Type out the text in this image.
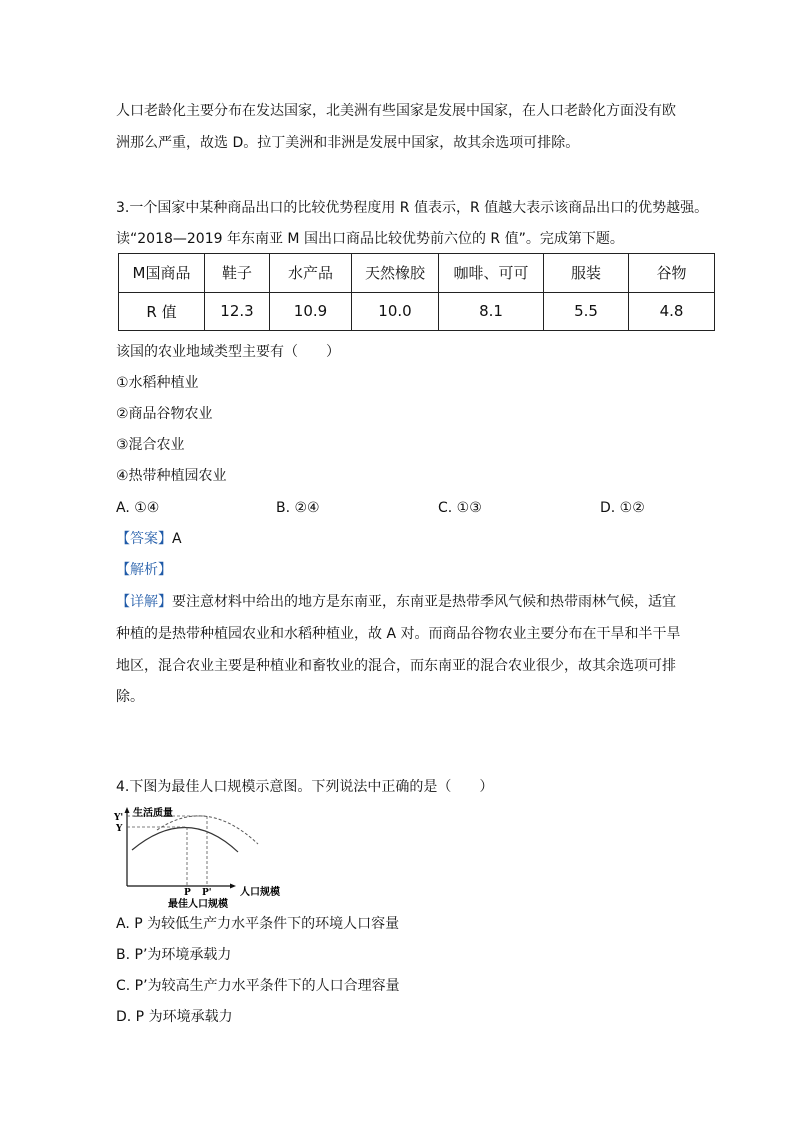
人口老龄化主要分布在发达国家，北美洲有些国家是发展中国家，在人口老龄化方面没有欧
洲那么严重，故选 D。拉丁美洲和非洲是发展中国家，故其余选项可排除。
3.一个国家中某种商品出口的比较优势程度用 R 值表示，R 值越大表示该商品出口的优势越强。
读“2018—2019 年东南亚 M 国出口商品比较优势前六位的 R 值”。完成第下题。
M国商品	鞋子	水产品	天然橡胶	咖啡、可可	服装	谷物
R 值	12.3	10.9	10.0	8.1	5.5	4.8
该国的农业地域类型主要有（　　）
①水稻种植业
②商品谷物农业
③混合农业
④热带种植园农业
A. ①④	B. ②④	C. ①③	D. ①②
【答案】A
【解析】
【详解】要注意材料中给出的地方是东南亚，东南亚是热带季风气候和热带雨林气候，适宜
种植的是热带种植园农业和水稻种植业，故 A 对。而商品谷物农业主要分布在干旱和半干旱
地区，混合农业主要是种植业和畜牧业的混合，而东南亚的混合农业很少，故其余选项可排
除。
4.下图为最佳人口规模示意图。下列说法中正确的是（　　）
生活质量
Y'
Y
P P'	人口规模
最佳人口规模
A. P 为较低生产力水平条件下的环境人口容量
B. P’为环境承载力
C. P’为较高生产力水平条件下的人口合理容量
D. P 为环境承载力
